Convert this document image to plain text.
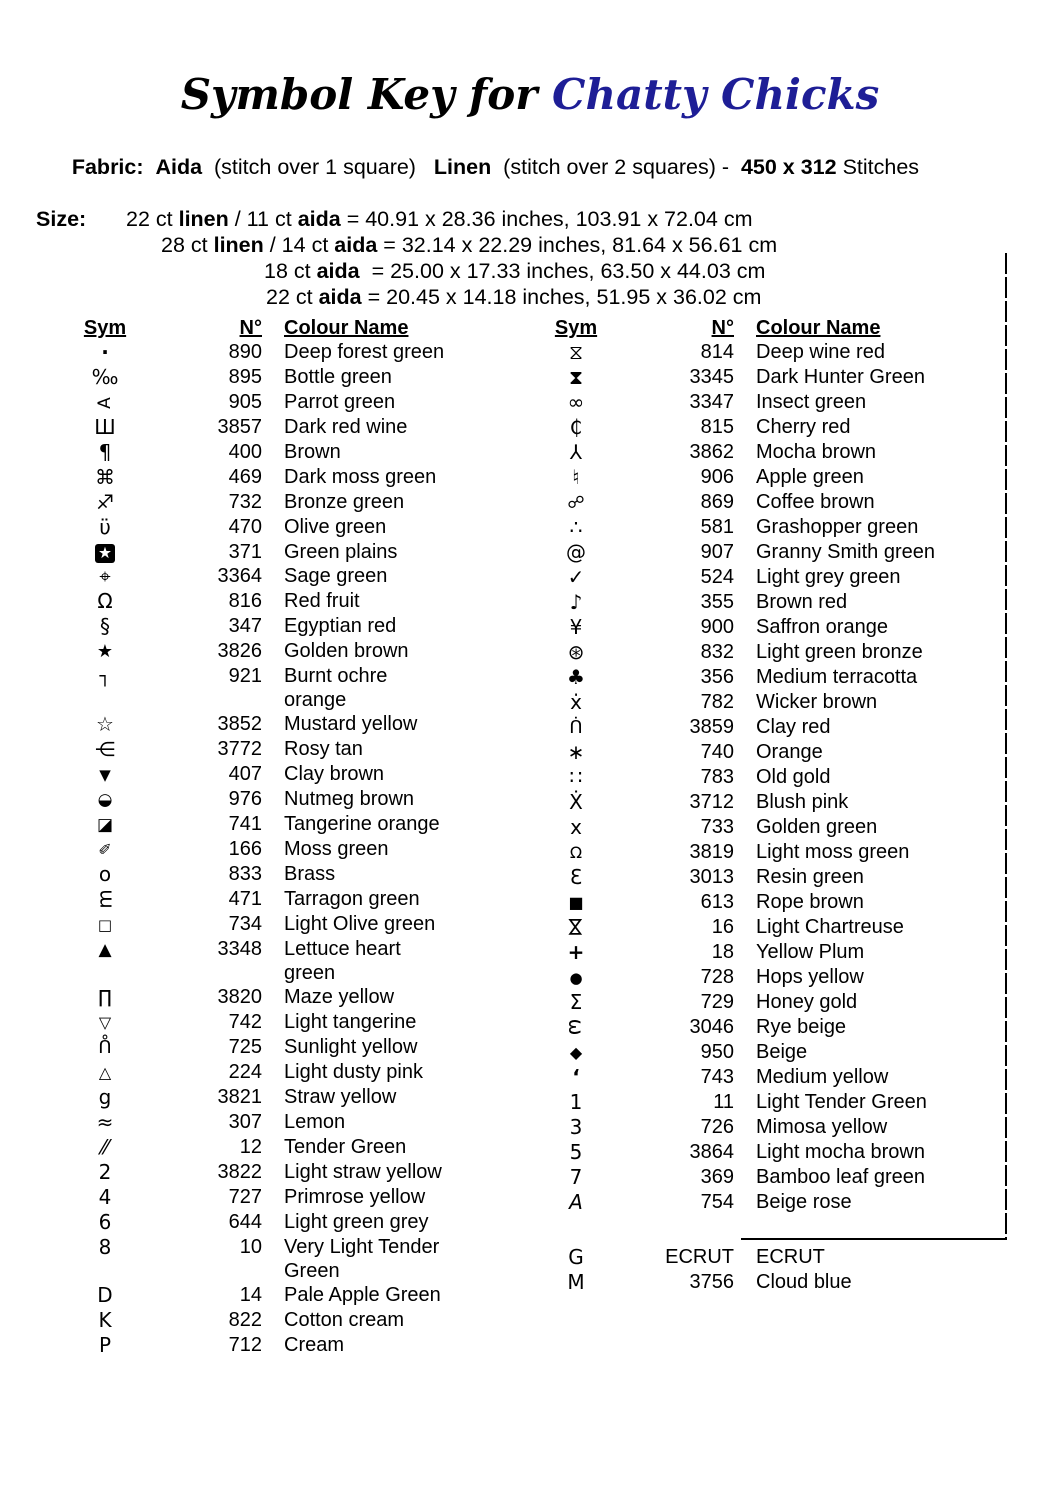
Symbol Key for Chatty Chicks

Fabric: Aida  (stitch over 1 square)   Linen  (stitch over 2 squares) -  450 x 312 Stitches

Size:	22 ct linen / 11 ct aida = 40.91 x 28.36 inches, 103.91 x 72.04 cm
28 ct linen / 14 ct aida = 32.14 x 22.29 inches, 81.64 x 56.61 cm
18 ct aida  = 25.00 x 17.33 inches, 63.50 x 44.03 cm
22 ct aida = 20.45 x 14.18 inches, 51.95 x 36.02 cm
Sym	N°	Colour Name
·	890	Deep forest green
‰	895	Bottle green
A	905	Parrot green
Ш	3857	Dark red wine
¶	400	Brown
⌘	469	Dark moss green
♐	732	Bronze green
ϋ	470	Olive green
★	371	Green plains
⌖	3364	Sage green
Ω	816	Red fruit
§	347	Egyptian red
★	3826	Golden brown
┐	921	Burnt ochre orange
☆	3852	Mustard yellow
⋲	3772	Rosy tan
▼	407	Clay brown
◒	976	Nutmeg brown
◪	741	Tangerine orange
✐	166	Moss green
o	833	Brass
m	471	Tarragon green
□	734	Light Olive green
▲	3348	Lettuce heart green
∏	3820	Maze yellow
▽	742	Light tangerine
ᑍ	725	Sunlight yellow
△	224	Light dusty pink
g	3821	Straw yellow
≈	307	Lemon
⁄⁄	12	Tender Green
2	3822	Light straw yellow
4	727	Primrose yellow
6	644	Light green grey
8	10	Very Light Tender Green
D	14	Pale Apple Green
K	822	Cotton cream
P	712	Cream
Sym	N°	Colour Name
⧖	814	Deep wine red
⧗	3345	Dark Hunter Green
∞	3347	Insect green
₵	815	Cherry red
⅄	3862	Mocha brown
♮	906	Apple green
☍	869	Coffee brown
∴	581	Grashopper green
@	907	Granny Smith green
✓	524	Light grey green
♪	355	Brown red
¥	900	Saffron orange
⊛	832	Light green bronze
♣	356	Medium terracotta
ẋ	782	Wicker brown
ᑏ	3859	Clay red
∗	740	Orange
∷	783	Old gold
Ẋ	3712	Blush pink
x	733	Golden green
Ω	3819	Light moss green
Ɛ	3013	Resin green
■	613	Rope brown
⋈	16	Light Chartreuse
+	18	Yellow Plum
●	728	Hops yellow
Σ	729	Honey gold
ω	3046	Rye beige
◆	950	Beige
‘	743	Medium yellow
1	11	Light Tender Green
3	726	Mimosa yellow
5	3864	Light mocha brown
7	369	Bamboo leaf green
A	754	Beige rose
G	ECRUT	ECRUT
M	3756	Cloud blue
